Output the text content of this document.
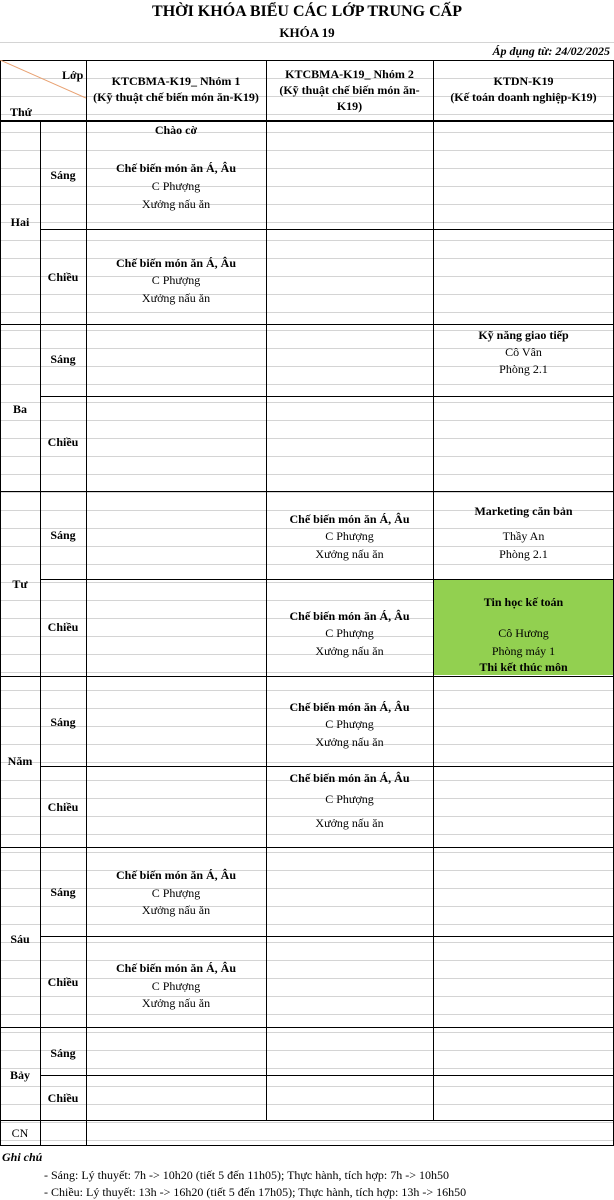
THỜI KHÓA BIỂU CÁC LỚP TRUNG CẤP
KHÓA 19
Áp dụng từ: 24/02/2025
Lớp
Thứ
KTCBMA-K19_ Nhóm 1
(Kỹ thuật chế biến món ăn-K19)
KTCBMA-K19_ Nhóm 2
(Kỹ thuật chế biến món ăn-
K19)
KTDN-K19
(Kế toán doanh nghiệp-K19)
Hai
Ba
Tư
Năm
Sáu
Bảy
CN
Sáng
Chiều
Sáng
Chiều
Sáng
Chiều
Sáng
Chiều
Sáng
Chiều
Sáng
Chiều
Chào cờ
Chế biến món ăn Á, Âu
C Phượng
Xưởng nấu ăn
Chế biến món ăn Á, Âu
C Phượng
Xưởng nấu ăn
Kỹ năng giao tiếp
Cô Vân
Phòng 2.1
Chế biến món ăn Á, Âu
C Phượng
Xưởng nấu ăn
Marketing căn bản
Thầy An
Phòng 2.1
Chế biến món ăn Á, Âu
C Phượng
Xưởng nấu ăn
Tin học kế toán
Cô Hương
Phòng máy 1
Thi kết thúc môn
Chế biến món ăn Á, Âu
C Phượng
Xưởng nấu ăn
Chế biến món ăn Á, Âu
C Phượng
Xưởng nấu ăn
Chế biến món ăn Á, Âu
C Phượng
Xưởng nấu ăn
Chế biến món ăn Á, Âu
C Phượng
Xưởng nấu ăn
Ghi chú
- Sáng: Lý thuyết: 7h -> 10h20 (tiết 5 đến 11h05); Thực hành, tích hợp: 7h -> 10h50
- Chiều: Lý thuyết: 13h -> 16h20 (tiết 5 đến 17h05); Thực hành, tích hợp: 13h -> 16h50
